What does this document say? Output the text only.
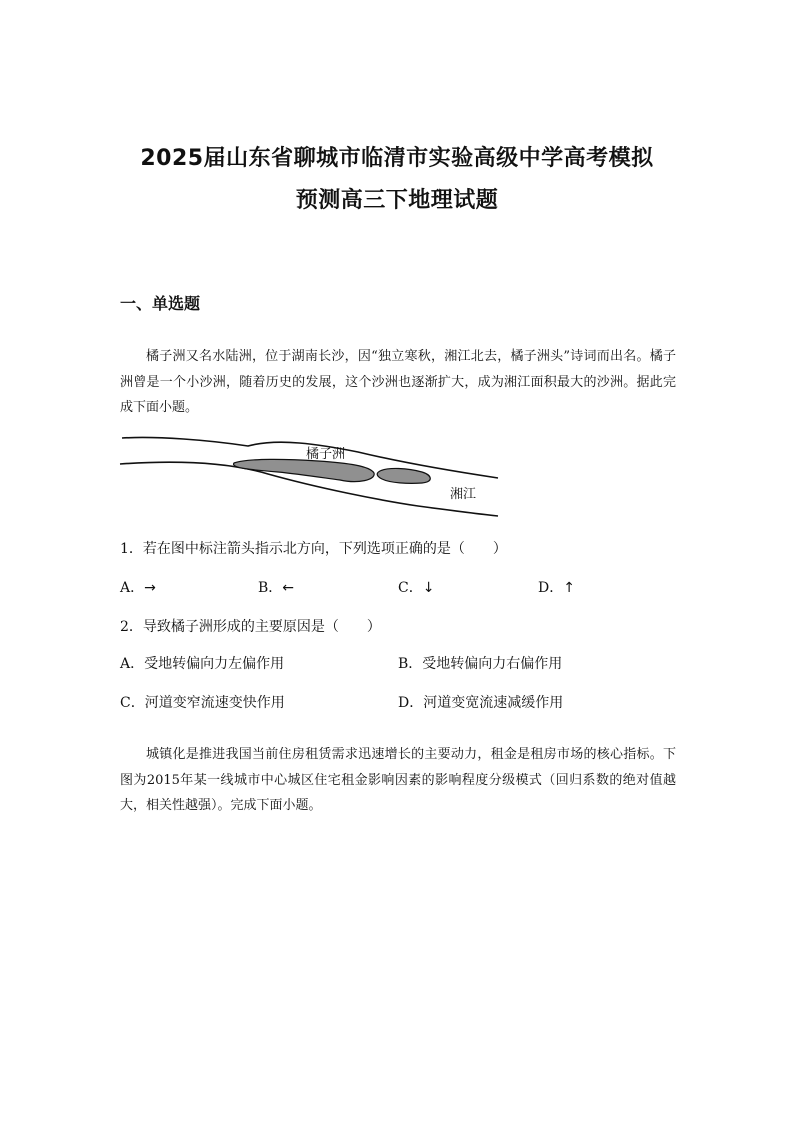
2025届山东省聊城市临清市实验高级中学高考模拟
预测高三下地理试题
一、单选题

橘子洲又名水陆洲，位于湖南长沙，因“独立寒秋，湘江北去，橘子洲头”诗词而出名。橘子洲曾是一个小沙洲，随着历史的发展，这个沙洲也逐渐扩大，成为湘江面积最大的沙洲。据此完成下面小题。

橘子洲
湘江
1．若在图中标注箭头指示北方向，下列选项正确的是（　　）
A．→	B．←	C．↓	D．↑
2．导致橘子洲形成的主要原因是（　　）
A．受地转偏向力左偏作用	B．受地转偏向力右偏作用
C．河道变窄流速变快作用	D．河道变宽流速减缓作用

城镇化是推进我国当前住房租赁需求迅速增长的主要动力，租金是租房市场的核心指标。下图为2015年某一线城市中心城区住宅租金影响因素的影响程度分级模式（回归系数的绝对值越大，相关性越强）。完成下面小题。
